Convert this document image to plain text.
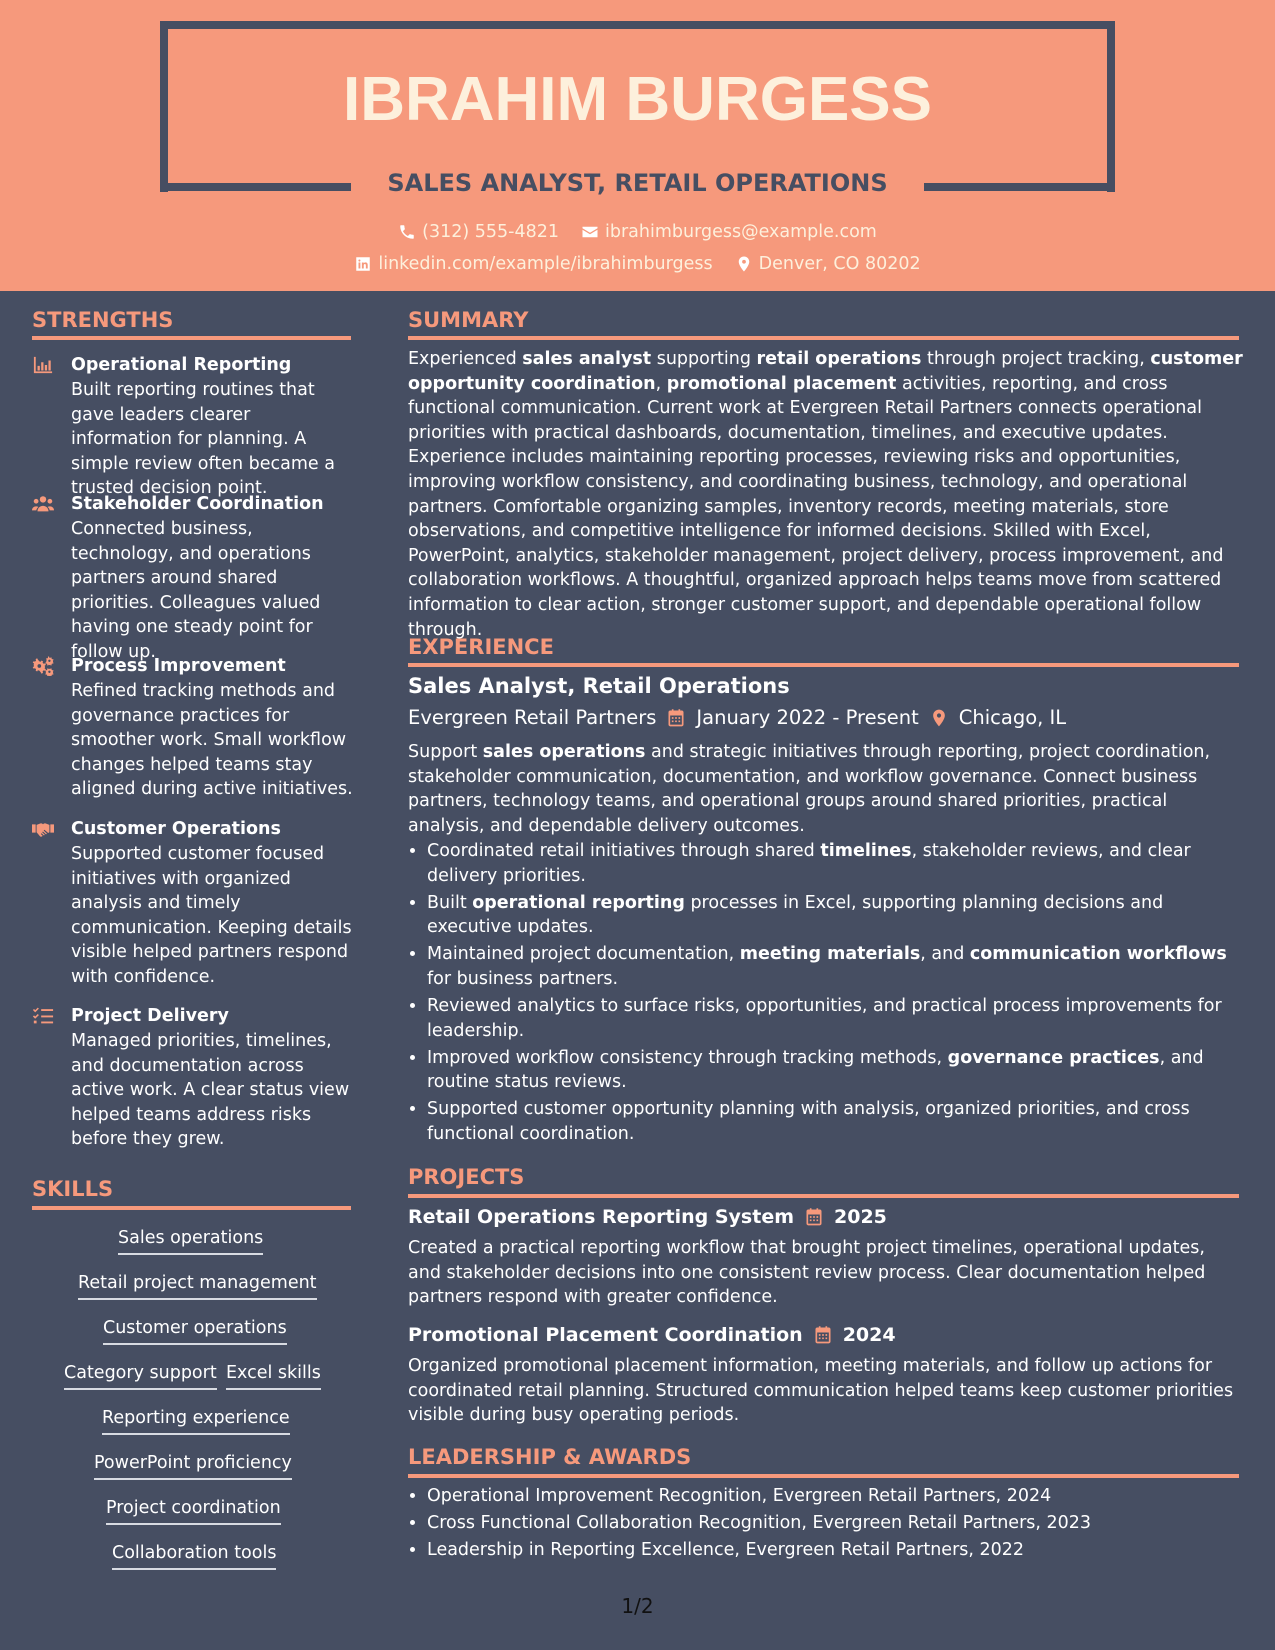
IBRAHIM BURGESS
SALES ANALYST, RETAIL OPERATIONS
(312) 555-4821	ibrahimburgess@example.com
linkedin.com/example/ibrahimburgess	Denver, CO 80202
STRENGTHS
Operational Reporting
Built reporting routines that gave leaders clearer information for planning. A simple review often became a trusted decision point.
Stakeholder Coordination
Connected business, technology, and operations partners around shared priorities. Colleagues valued having one steady point for follow up.
Process Improvement
Refined tracking methods and governance practices for smoother work. Small workflow changes helped teams stay aligned during active initiatives.
Customer Operations
Supported customer focused initiatives with organized analysis and timely communication. Keeping details visible helped partners respond with confidence.
Project Delivery
Managed priorities, timelines, and documentation across active work. A clear status view helped teams address risks before they grew.
SKILLS
Sales operations
Retail project management
Customer operations
Category support Excel skills
Reporting experience
PowerPoint proficiency
Project coordination
Collaboration tools
SUMMARY
Experienced sales analyst supporting retail operations through project tracking, customer opportunity coordination, promotional placement activities, reporting, and cross functional communication. Current work at Evergreen Retail Partners connects operational priorities with practical dashboards, documentation, timelines, and executive updates. Experience includes maintaining reporting processes, reviewing risks and opportunities, improving workflow consistency, and coordinating business, technology, and operational partners. Comfortable organizing samples, inventory records, meeting materials, store observations, and competitive intelligence for informed decisions. Skilled with Excel, PowerPoint, analytics, stakeholder management, project delivery, process improvement, and collaboration workflows. A thoughtful, organized approach helps teams move from scattered information to clear action, stronger customer support, and dependable operational follow through.
EXPERIENCE
Sales Analyst, Retail Operations
Evergreen Retail Partners January 2022 - Present Chicago, IL
Support sales operations and strategic initiatives through reporting, project coordination, stakeholder communication, documentation, and workflow governance. Connect business partners, technology teams, and operational groups around shared priorities, practical analysis, and dependable delivery outcomes.
• Coordinated retail initiatives through shared timelines, stakeholder reviews, and clear delivery priorities.
• Built operational reporting processes in Excel, supporting planning decisions and executive updates.
• Maintained project documentation, meeting materials, and communication workflows for business partners.
• Reviewed analytics to surface risks, opportunities, and practical process improvements for leadership.
• Improved workflow consistency through tracking methods, governance practices, and routine status reviews.
• Supported customer opportunity planning with analysis, organized priorities, and cross functional coordination.
PROJECTS
Retail Operations Reporting System 2025
Created a practical reporting workflow that brought project timelines, operational updates, and stakeholder decisions into one consistent review process. Clear documentation helped partners respond with greater confidence.
Promotional Placement Coordination 2024
Organized promotional placement information, meeting materials, and follow up actions for coordinated retail planning. Structured communication helped teams keep customer priorities visible during busy operating periods.
LEADERSHIP & AWARDS
• Operational Improvement Recognition, Evergreen Retail Partners, 2024
• Cross Functional Collaboration Recognition, Evergreen Retail Partners, 2023
• Leadership in Reporting Excellence, Evergreen Retail Partners, 2022
1/2
